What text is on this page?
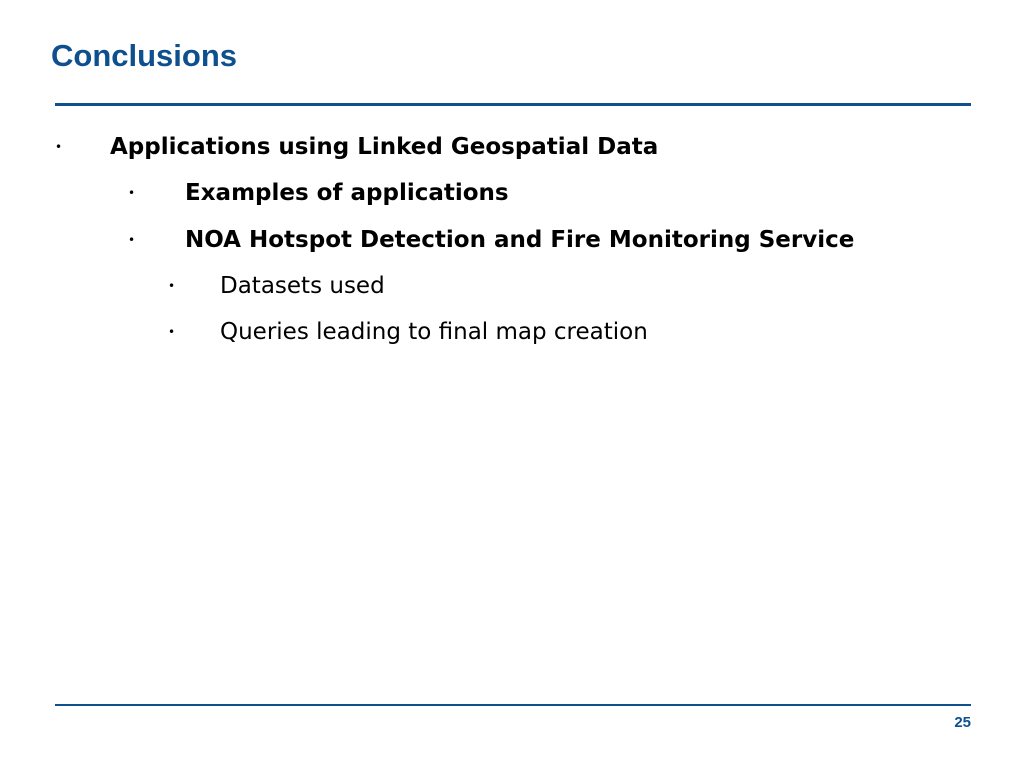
Conclusions
• Applications using Linked Geospatial Data
• Examples of applications
• NOA Hotspot Detection and Fire Monitoring Service
• Datasets used
• Queries leading to final map creation
25
